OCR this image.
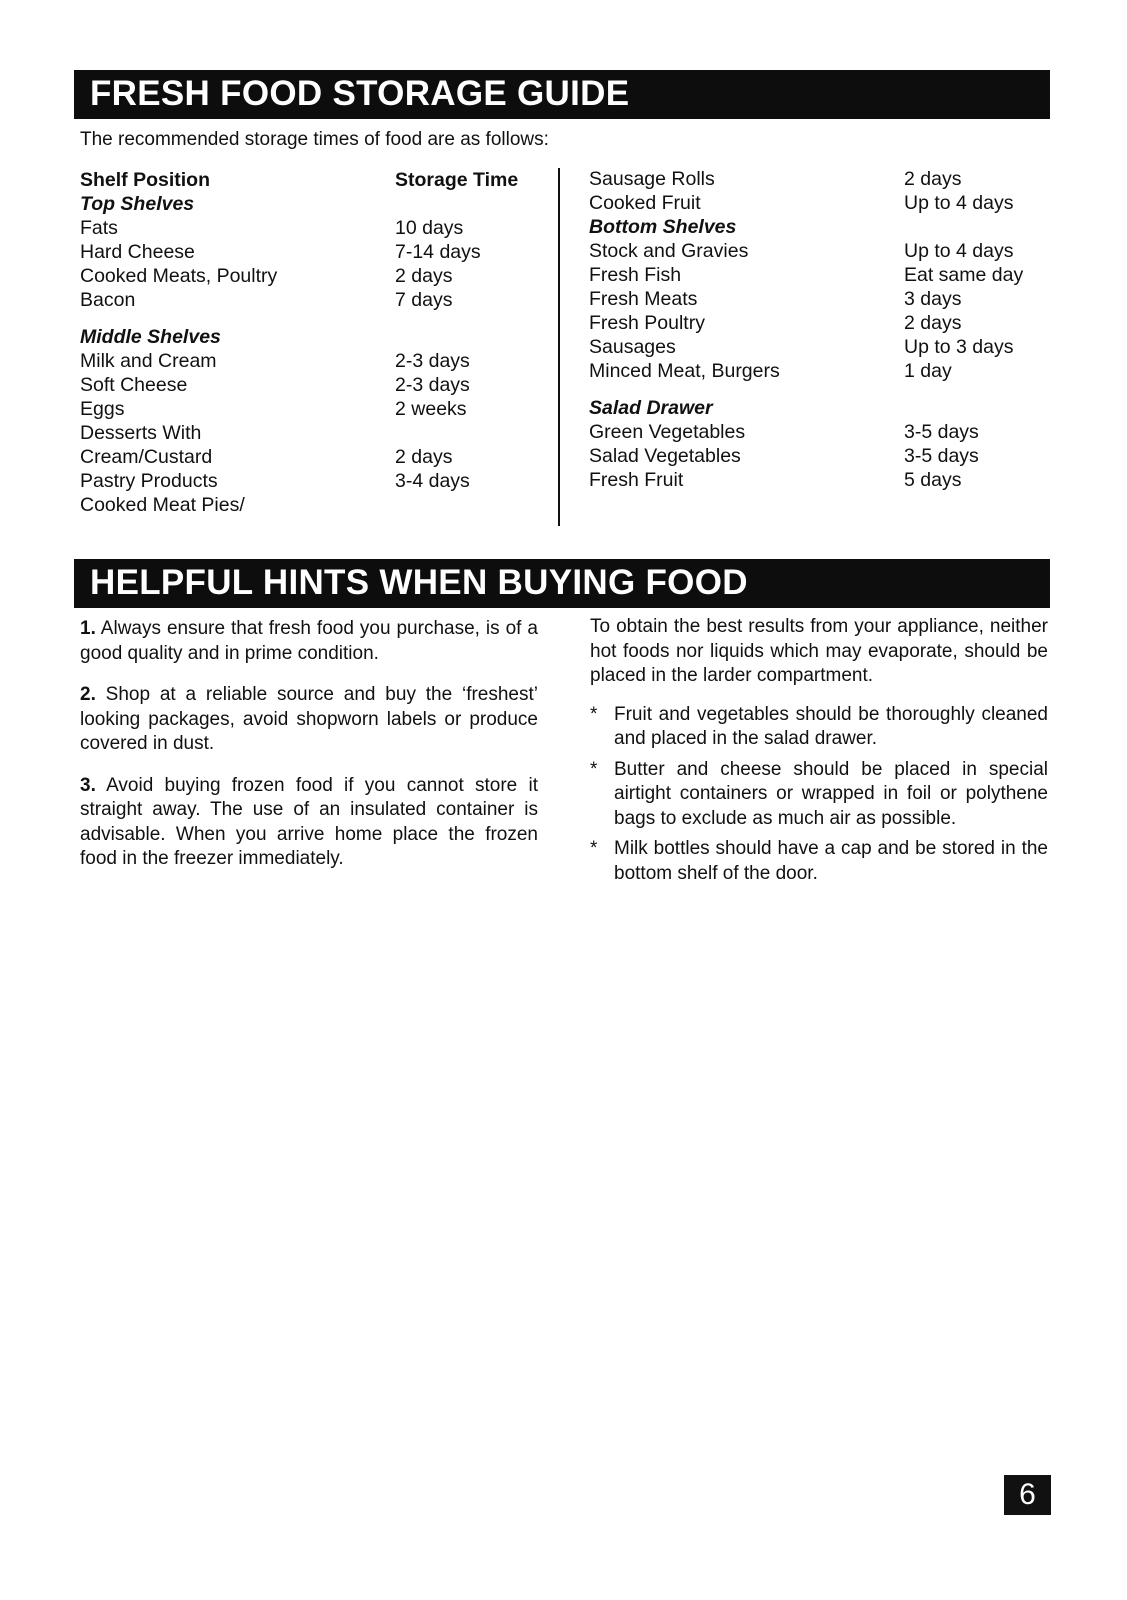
FRESH FOOD STORAGE GUIDE
The recommended storage times of food are as follows:
Shelf Position
Top Shelves
Fats
Hard Cheese
Cooked Meats, Poultry
Bacon
Middle Shelves
Milk and Cream
Soft Cheese
Eggs
Desserts With
Cream/Custard
Pastry Products
Cooked Meat Pies/
Storage Time
10 days
7-14 days
2 days
7 days
2-3 days
2-3 days
2 weeks
2 days
3-4 days
Sausage Rolls
Cooked Fruit
Bottom Shelves
Stock and Gravies
Fresh Fish
Fresh Meats
Fresh Poultry
Sausages
Minced Meat, Burgers
Salad Drawer
Green Vegetables
Salad Vegetables
Fresh Fruit
2 days
Up to 4 days
Up to 4 days
Eat same day
3 days
2 days
Up to 3 days
1 day
3-5 days
3-5 days
5 days
HELPFUL HINTS WHEN BUYING FOOD

1. Always ensure that fresh food you purchase, is of a good quality and in prime condition.

2. Shop at a reliable source and buy the ‘freshest’ looking packages, avoid shopworn labels or produce covered in dust.

3. Avoid buying frozen food if you cannot store it straight away. The use of an insulated container is advisable. When you arrive home place the frozen food in the freezer immediately.

To obtain the best results from your appliance, neither hot foods nor liquids which may evaporate, should be placed in the larder compartment.

* Fruit and vegetables should be thoroughly cleaned and placed in the salad drawer.

* Butter and cheese should be placed in special airtight containers or wrapped in foil or polythene bags to exclude as much air as possible.

* Milk bottles should have a cap and be stored in the bottom shelf of the door.

6
